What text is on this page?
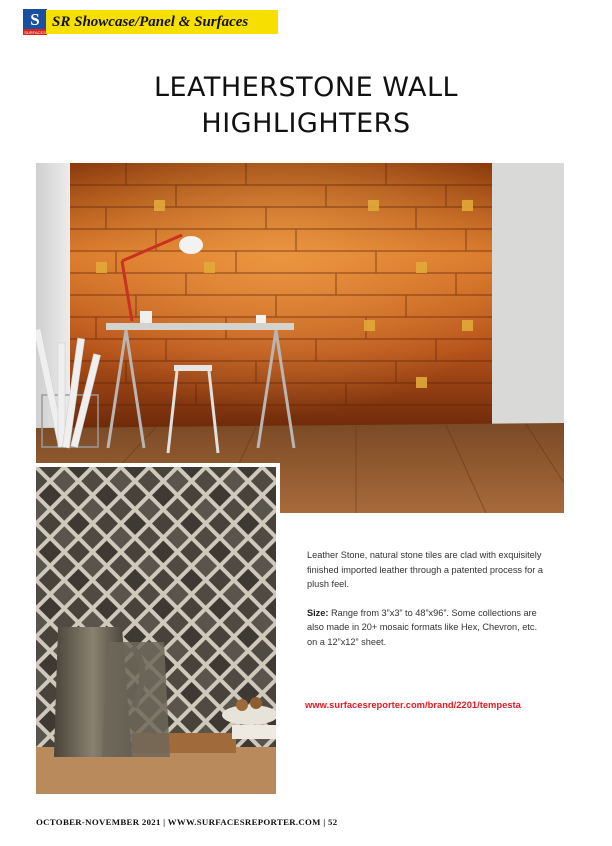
S
SURFACES
SR Showcase/Panel & Surfaces
LEATHERSTONE WALL
HIGHLIGHTERS

Leather Stone, natural stone tiles are clad with exquisitely finished imported leather through a patented process for a plush feel.

Size: Range from 3”x3” to 48”x96”. Some collections are also made in 20+ mosaic formats like Hex, Chevron, etc. on a 12”x12” sheet.

www.surfacesreporter.com/brand/2201/tempesta
OCTOBER-NOVEMBER 2021 | WWW.SURFACESREPORTER.COM | 52
